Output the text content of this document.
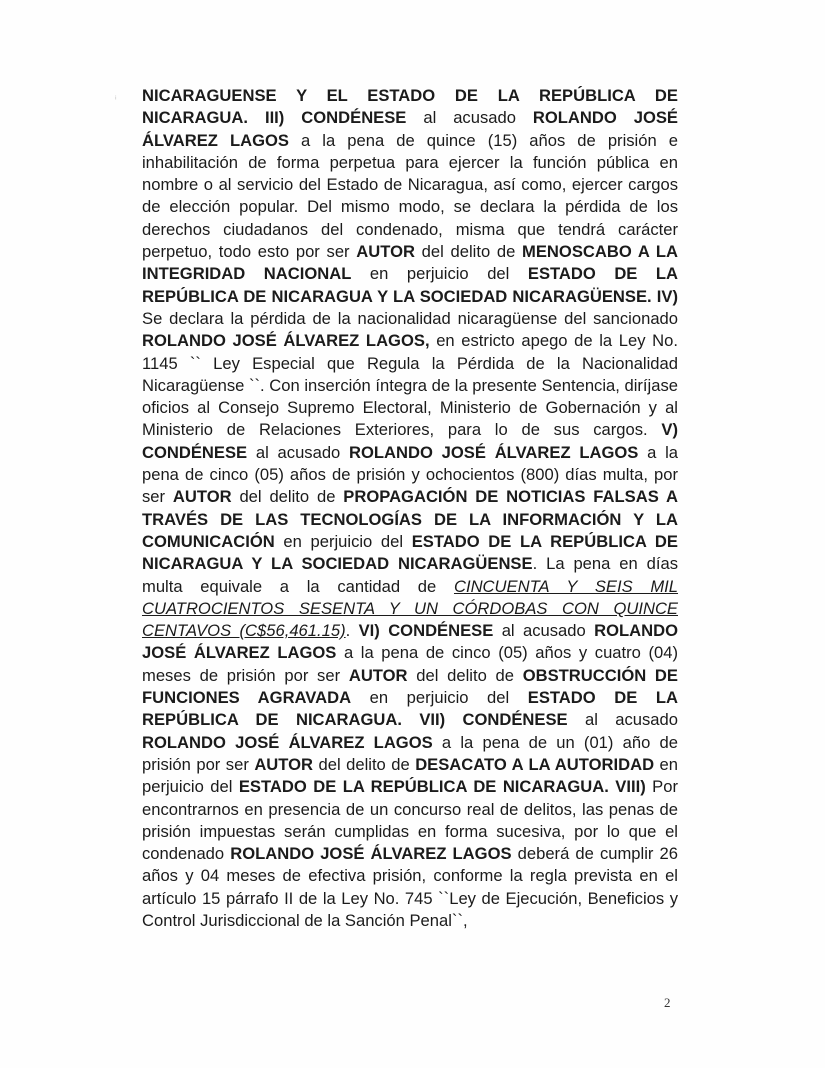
ⁱ NICARAGUENSE Y EL ESTADO DE LA REPÚBLICA DE NICARAGUA. III) CONDÉNESE al acusado ROLANDO JOSÉ ÁLVAREZ LAGOS a la pena de quince (15) años de prisión e inhabilitación de forma perpetua para ejercer la función pública en nombre o al servicio del Estado de Nicaragua, así como, ejercer cargos de elección popular. Del mismo modo, se declara la pérdida de los derechos ciudadanos del condenado, misma que tendrá carácter perpetuo, todo esto por ser AUTOR del delito de MENOSCABO A LA INTEGRIDAD NACIONAL en perjuicio del ESTADO DE LA REPÚBLICA DE NICARAGUA Y LA SOCIEDAD NICARAGÜENSE. IV) Se declara la pérdida de la nacionalidad nicaragüense del sancionado ROLANDO JOSÉ ÁLVAREZ LAGOS, en estricto apego de la Ley No. 1145 `` Ley Especial que Regula la Pérdida de la Nacionalidad Nicaragüense ``. Con inserción íntegra de la presente Sentencia, diríjase oficios al Consejo Supremo Electoral, Ministerio de Gobernación y al Ministerio de Relaciones Exteriores, para lo de sus cargos. V) CONDÉNESE al acusado ROLANDO JOSÉ ÁLVAREZ LAGOS a la pena de cinco (05) años de prisión y ochocientos (800) días multa, por ser AUTOR del delito de PROPAGACIÓN DE NOTICIAS FALSAS A TRAVÉS DE LAS TECNOLOGÍAS DE LA INFORMACIÓN Y LA COMUNICACIÓN en perjuicio del ESTADO DE LA REPÚBLICA DE NICARAGUA Y LA SOCIEDAD NICARAGÜENSE. La pena en días multa equivale a la cantidad de CINCUENTA Y SEIS MIL CUATROCIENTOS SESENTA Y UN CÓRDOBAS CON QUINCE CENTAVOS (C$56,461.15). VI) CONDÉNESE al acusado ROLANDO JOSÉ ÁLVAREZ LAGOS a la pena de cinco (05) años y cuatro (04) meses de prisión por ser AUTOR del delito de OBSTRUCCIÓN DE FUNCIONES AGRAVADA en perjuicio del ESTADO DE LA REPÚBLICA DE NICARAGUA. VII) CONDÉNESE al acusado ROLANDO JOSÉ ÁLVAREZ LAGOS a la pena de un (01) año de prisión por ser AUTOR del delito de DESACATO A LA AUTORIDAD en perjuicio del ESTADO DE LA REPÚBLICA DE NICARAGUA. VIII) Por encontrarnos en presencia de un concurso real de delitos, las penas de prisión impuestas serán cumplidas en forma sucesiva, por lo que el condenado ROLANDO JOSÉ ÁLVAREZ LAGOS deberá de cumplir 26 años y 04 meses de efectiva prisión, conforme la regla prevista en el artículo 15 párrafo II de la Ley No. 745 ``Ley de Ejecución, Beneficios y Control Jurisdiccional de la Sanción Penal``,
2
